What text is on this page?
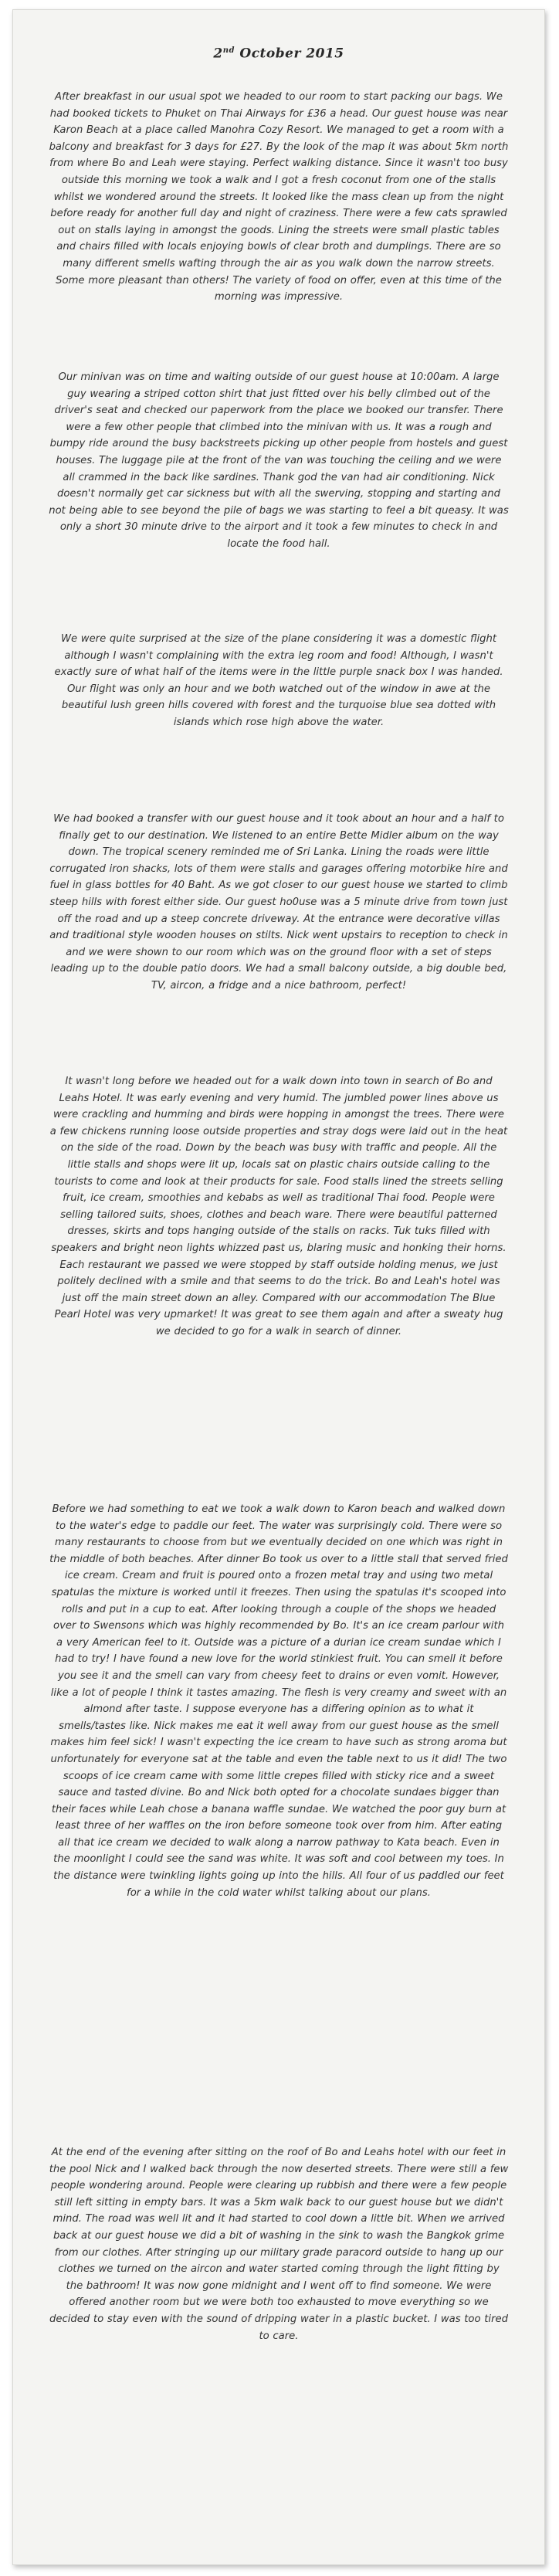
2nd October 2015

After breakfast in our usual spot we headed to our room to start packing our bags. We had booked tickets to Phuket on Thai Airways for £36 a head. Our guest house was near Karon Beach at a place called Manohra Cozy Resort. We managed to get a room with a balcony and breakfast for 3 days for £27. By the look of the map it was about 5km north from where Bo and Leah were staying. Perfect walking distance. Since it wasn't too busy outside this morning we took a walk and I got a fresh coconut from one of the stalls whilst we wondered around the streets. It looked like the mass clean up from the night before ready for another full day and night of craziness. There were a few cats sprawled out on stalls laying in amongst the goods. Lining the streets were small plastic tables and chairs filled with locals enjoying bowls of clear broth and dumplings. There are so many different smells wafting through the air as you walk down the narrow streets. Some more pleasant than others! The variety of food on offer, even at this time of the morning was impressive.

Our minivan was on time and waiting outside of our guest house at 10:00am. A large guy wearing a striped cotton shirt that just fitted over his belly climbed out of the driver's seat and checked our paperwork from the place we booked our transfer. There were a few other people that climbed into the minivan with us. It was a rough and bumpy ride around the busy backstreets picking up other people from hostels and guest houses. The luggage pile at the front of the van was touching the ceiling and we were all crammed in the back like sardines. Thank god the van had air conditioning. Nick doesn't normally get car sickness but with all the swerving, stopping and starting and not being able to see beyond the pile of bags we was starting to feel a bit queasy. It was only a short 30 minute drive to the airport and it took a few minutes to check in and locate the food hall.

We were quite surprised at the size of the plane considering it was a domestic flight although I wasn't complaining with the extra leg room and food! Although, I wasn't exactly sure of what half of the items were in the little purple snack box I was handed. Our flight was only an hour and we both watched out of the window in awe at the beautiful lush green hills covered with forest and the turquoise blue sea dotted with islands which rose high above the water.

We had booked a transfer with our guest house and it took about an hour and a half to finally get to our destination. We listened to an entire Bette Midler album on the way down. The tropical scenery reminded me of Sri Lanka. Lining the roads were little corrugated iron shacks, lots of them were stalls and garages offering motorbike hire and fuel in glass bottles for 40 Baht. As we got closer to our guest house we started to climb steep hills with forest either side. Our guest ho0use was a 5 minute drive from town just off the road and up a steep concrete driveway. At the entrance were decorative villas and traditional style wooden houses on stilts. Nick went upstairs to reception to check in and we were shown to our room which was on the ground floor with a set of steps leading up to the double patio doors. We had a small balcony outside, a big double bed, TV, aircon, a fridge and a nice bathroom, perfect!

It wasn't long before we headed out for a walk down into town in search of Bo and Leahs Hotel. It was early evening and very humid. The jumbled power lines above us were crackling and humming and birds were hopping in amongst the trees. There were a few chickens running loose outside properties and stray dogs were laid out in the heat on the side of the road. Down by the beach was busy with traffic and people. All the little stalls and shops were lit up, locals sat on plastic chairs outside calling to the tourists to come and look at their products for sale. Food stalls lined the streets selling fruit, ice cream, smoothies and kebabs as well as traditional Thai food. People were selling tailored suits, shoes, clothes and beach ware. There were beautiful patterned dresses, skirts and tops hanging outside of the stalls on racks. Tuk tuks filled with speakers and bright neon lights whizzed past us, blaring music and honking their horns. Each restaurant we passed we were stopped by staff outside holding menus, we just politely declined with a smile and that seems to do the trick. Bo and Leah's hotel was just off the main street down an alley. Compared with our accommodation The Blue Pearl Hotel was very upmarket! It was great to see them again and after a sweaty hug we decided to go for a walk in search of dinner.

Before we had something to eat we took a walk down to Karon beach and walked down to the water's edge to paddle our feet. The water was surprisingly cold. There were so many restaurants to choose from but we eventually decided on one which was right in the middle of both beaches. After dinner Bo took us over to a little stall that served fried ice cream. Cream and fruit is poured onto a frozen metal tray and using two metal spatulas the mixture is worked until it freezes. Then using the spatulas it's scooped into rolls and put in a cup to eat. After looking through a couple of the shops we headed over to Swensons which was highly recommended by Bo. It's an ice cream parlour with a very American feel to it. Outside was a picture of a durian ice cream sundae which I had to try! I have found a new love for the world stinkiest fruit. You can smell it before you see it and the smell can vary from cheesy feet to drains or even vomit. However, like a lot of people I think it tastes amazing. The flesh is very creamy and sweet with an almond after taste. I suppose everyone has a differing opinion as to what it smells/tastes like. Nick makes me eat it well away from our guest house as the smell makes him feel sick! I wasn't expecting the ice cream to have such as strong aroma but unfortunately for everyone sat at the table and even the table next to us it did! The two scoops of ice cream came with some little crepes filled with sticky rice and a sweet sauce and tasted divine. Bo and Nick both opted for a chocolate sundaes bigger than their faces while Leah chose a banana waffle sundae. We watched the poor guy burn at least three of her waffles on the iron before someone took over from him. After eating all that ice cream we decided to walk along a narrow pathway to Kata beach. Even in the moonlight I could see the sand was white. It was soft and cool between my toes. In the distance were twinkling lights going up into the hills. All four of us paddled our feet for a while in the cold water whilst talking about our plans.

At the end of the evening after sitting on the roof of Bo and Leahs hotel with our feet in the pool Nick and I walked back through the now deserted streets. There were still a few people wondering around. People were clearing up rubbish and there were a few people still left sitting in empty bars. It was a 5km walk back to our guest house but we didn't mind. The road was well lit and it had started to cool down a little bit. When we arrived back at our guest house we did a bit of washing in the sink to wash the Bangkok grime from our clothes. After stringing up our military grade paracord outside to hang up our clothes we turned on the aircon and water started coming through the light fitting by the bathroom! It was now gone midnight and I went off to find someone. We were offered another room but we were both too exhausted to move everything so we decided to stay even with the sound of dripping water in a plastic bucket. I was too tired to care.
